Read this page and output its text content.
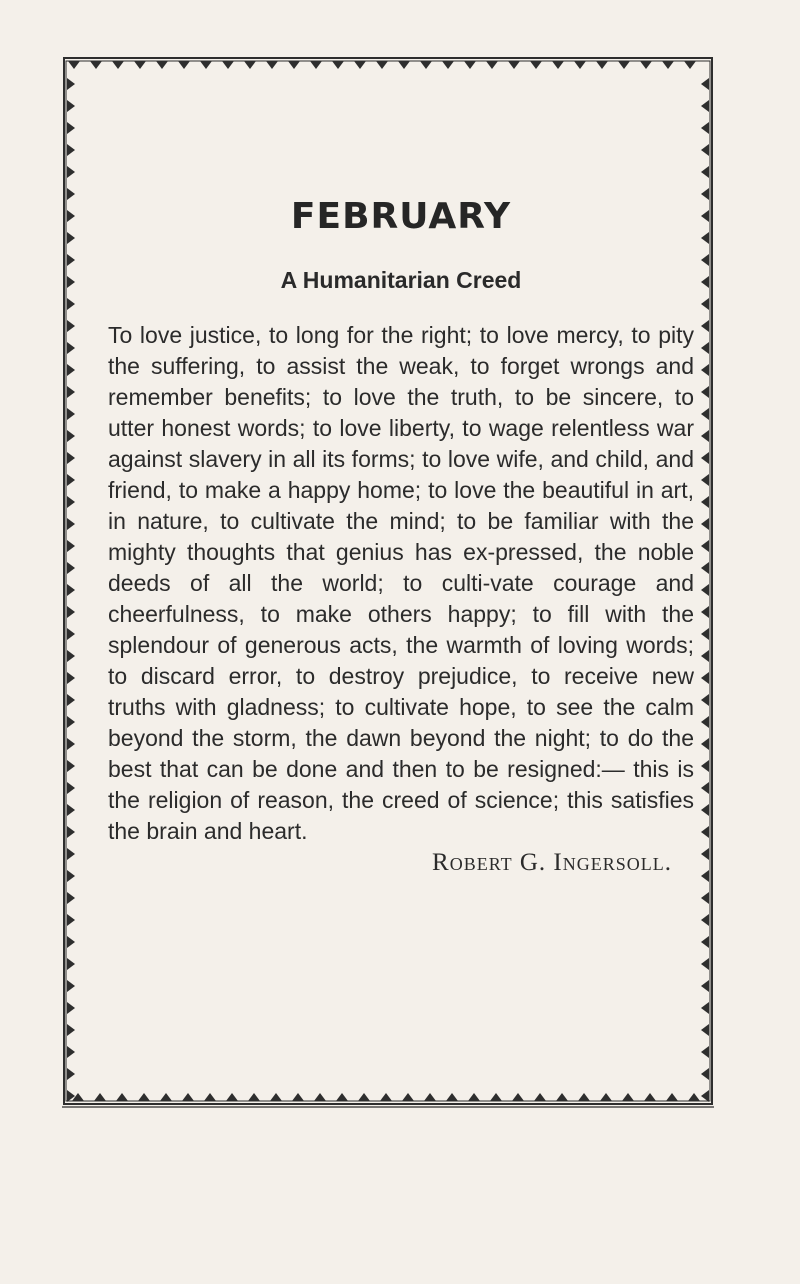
FEBRUARY
A Humanitarian Creed

To love justice, to long for the right; to love mercy, to pity the suffering, to assist the weak, to forget wrongs and remember benefits; to love the truth, to be sincere, to utter honest words; to love liberty, to wage relentless war against slavery in all its forms; to love wife, and child, and friend, to make a happy home; to love the beautiful in art, in nature, to cultivate the mind; to be familiar with the mighty thoughts that genius has ex-pressed, the noble deeds of all the world; to culti-vate courage and cheerfulness, to make others happy; to fill with the splendour of generous acts, the warmth of loving words; to discard error, to destroy prejudice, to receive new truths with gladness; to cultivate hope, to see the calm beyond the storm, the dawn beyond the night; to do the best that can be done and then to be resigned:— this is the religion of reason, the creed of science; this satisfies the brain and heart.

Robert G. Ingersoll.
